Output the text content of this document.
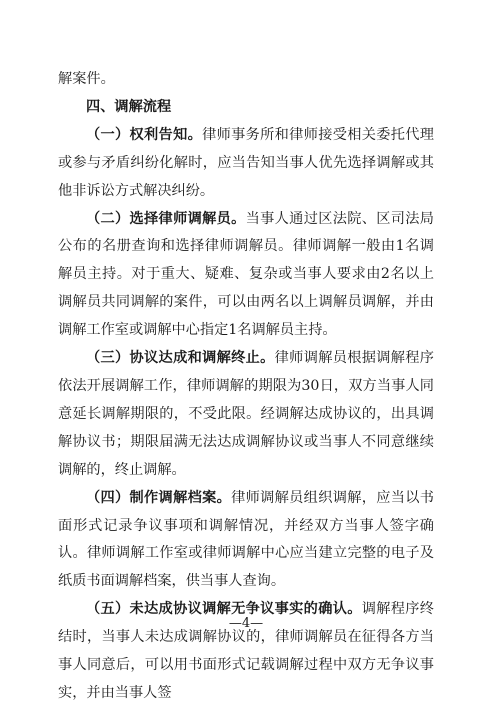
解案件。

四、调解流程

（一）权利告知。律师事务所和律师接受相关委托代理或参与矛盾纠纷化解时，应当告知当事人优先选择调解或其他非诉讼方式解决纠纷。

（二）选择律师调解员。当事人通过区法院、区司法局公布的名册查询和选择律师调解员。律师调解一般由1名调解员主持。对于重大、疑难、复杂或当事人要求由2名以上调解员共同调解的案件，可以由两名以上调解员调解，并由调解工作室或调解中心指定1名调解员主持。

（三）协议达成和调解终止。律师调解员根据调解程序依法开展调解工作，律师调解的期限为30日，双方当事人同意延长调解期限的，不受此限。经调解达成协议的，出具调解协议书；期限届满无法达成调解协议或当事人不同意继续调解的，终止调解。

（四）制作调解档案。律师调解员组织调解，应当以书面形式记录争议事项和调解情况，并经双方当事人签字确认。律师调解工作室或律师调解中心应当建立完整的电子及纸质书面调解档案，供当事人查询。

（五）未达成协议调解无争议事实的确认。调解程序终结时，当事人未达成调解协议的，律师调解员在征得各方当事人同意后，可以用书面形式记载调解过程中双方无争议事实，并由当事人签

—4—
